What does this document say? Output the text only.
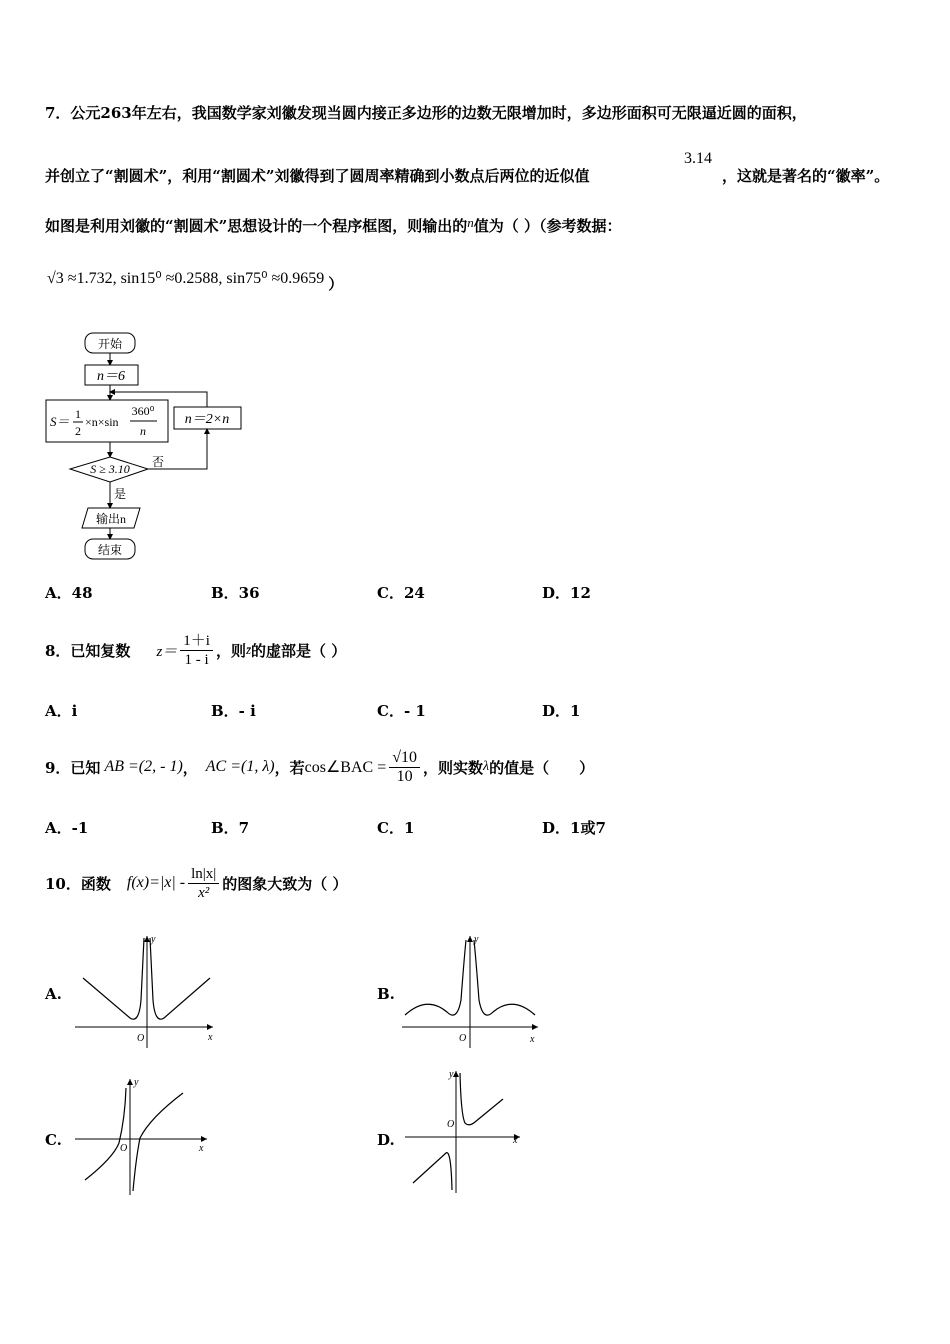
7．公元263年左右，我国数学家刘徽发现当圆内接正多边形的边数无限增加时，多边形面积可无限逼近圆的面积，
并创立了“割圆术”，利用“割圆术”刘徽得到了圆周率精确到小数点后两位的近似值
3.14
，这就是著名的“徽率”。
如图是利用刘徽的“割圆术”思想设计的一个程序框图，则输出的n值为（ ）（参考数据：
√3 ≈1.732, sin15⁰ ≈0.2588, sin75⁰ ≈0.9659 ）
开始
n＝6
S＝ 1
2
×n×sin
360⁰
n
n＝2×n
S ≥ 3.10 否
是
输出n
结束
A．48	B．36	C．24	D．12
8．已知复数 $z= \frac{1+i}{1 - i}$ ，则 z̄ 的虚部是（ ）
A．i	B．- i	C．- 1	D．1
9．已知 AB =(2, - 1) ， AC =(1, λ) ，若 cos∠BAC = $\frac{√10}{10}$ ，则实数 λ 的值是（　　）
A．-1	B．7	C．1	D．1或7
10．函数 $f(x)=|x| - \frac{\ln|x|}{\text{x²}}$ 的图象大致为（ ）
A.	B.
C.	D.
y
x
O
y
x
O
y
x
O
y
x
O
